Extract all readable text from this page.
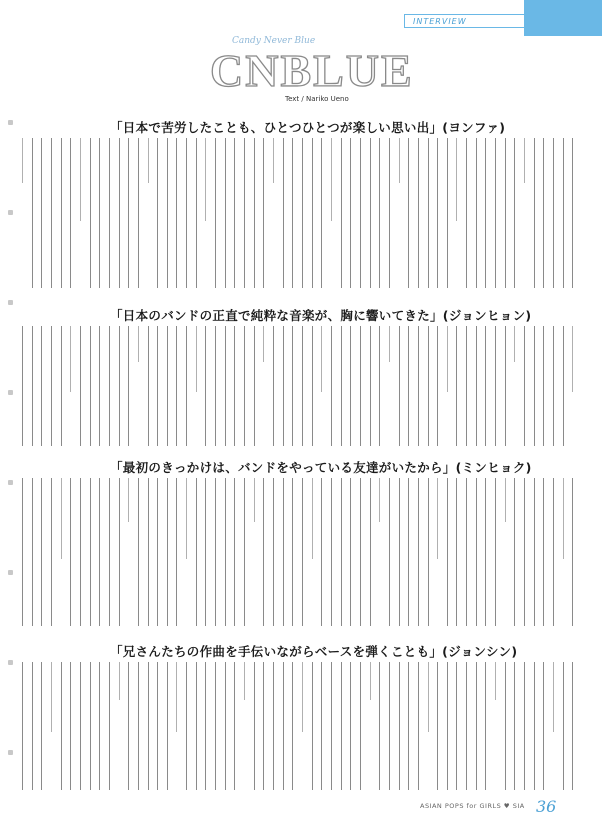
INTERVIEW
Candy Never Blue
CNBLUE
Text / Nariko Ueno
「日本で苦労したことも、ひとつひとつが楽しい思い出」(ヨンファ)
「日本のバンドの正直で純粋な音楽が、胸に響いてきた」(ジョンヒョン)
「最初のきっかけは、バンドをやっている友達がいたから」(ミンヒョク)
「兄さんたちの作曲を手伝いながらベースを弾くことも」(ジョンシン)
ASIAN POPS for GIRLS ♥ SIA 36
